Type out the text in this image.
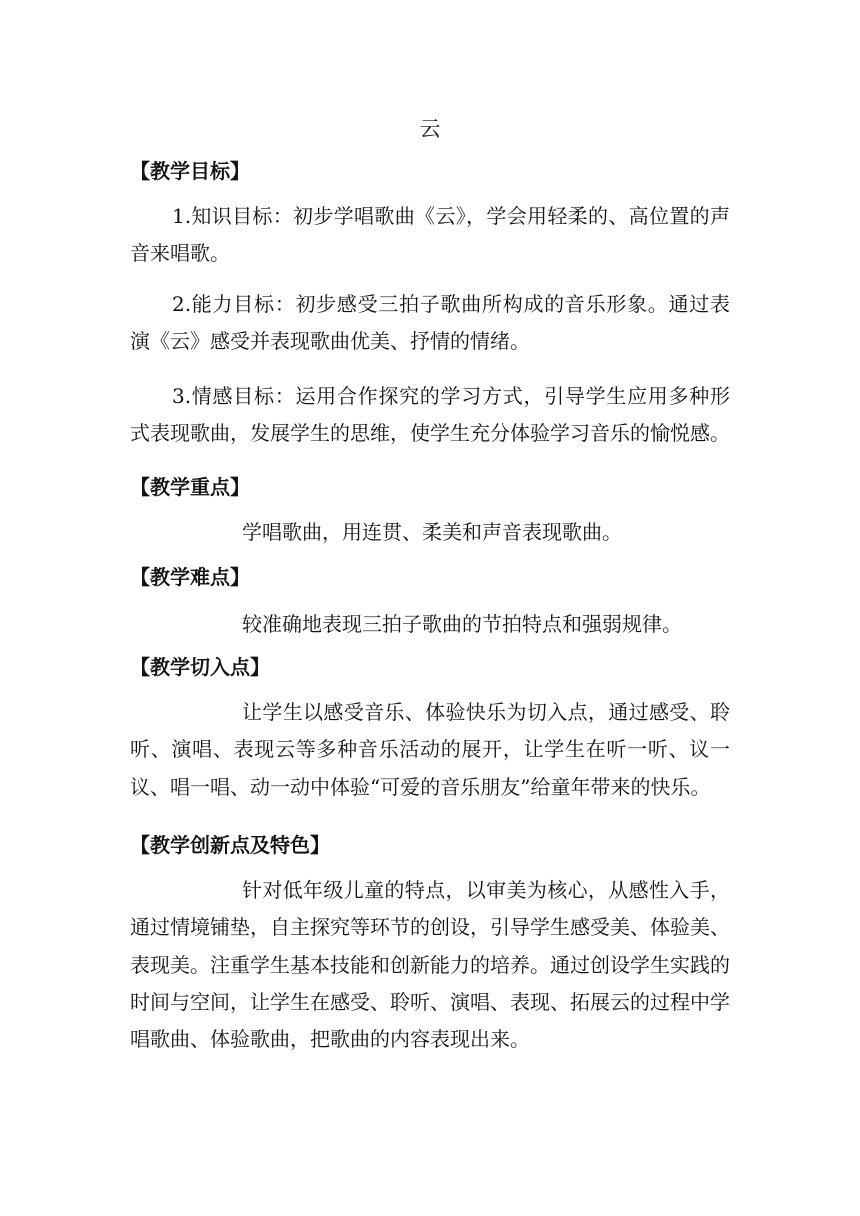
云
【教学目标】
1.知识目标：初步学唱歌曲《云》，学会用轻柔的、高位置的声音来唱歌。
2.能力目标：初步感受三拍子歌曲所构成的音乐形象。通过表演《云》感受并表现歌曲优美、抒情的情绪。
3.情感目标：运用合作探究的学习方式，引导学生应用多种形式表现歌曲，发展学生的思维，使学生充分体验学习音乐的愉悦感。
【教学重点】
学唱歌曲，用连贯、柔美和声音表现歌曲。
【教学难点】
较准确地表现三拍子歌曲的节拍特点和强弱规律。
【教学切入点】
让学生以感受音乐、体验快乐为切入点，通过感受、聆听、演唱、表现云等多种音乐活动的展开，让学生在听一听、议一议、唱一唱、动一动中体验“可爱的音乐朋友”给童年带来的快乐。
【教学创新点及特色】
针对低年级儿童的特点，以审美为核心，从感性入手，通过情境铺垫，自主探究等环节的创设，引导学生感受美、体验美、表现美。注重学生基本技能和创新能力的培养。通过创设学生实践的时间与空间，让学生在感受、聆听、演唱、表现、拓展云的过程中学唱歌曲、体验歌曲，把歌曲的内容表现出来。
